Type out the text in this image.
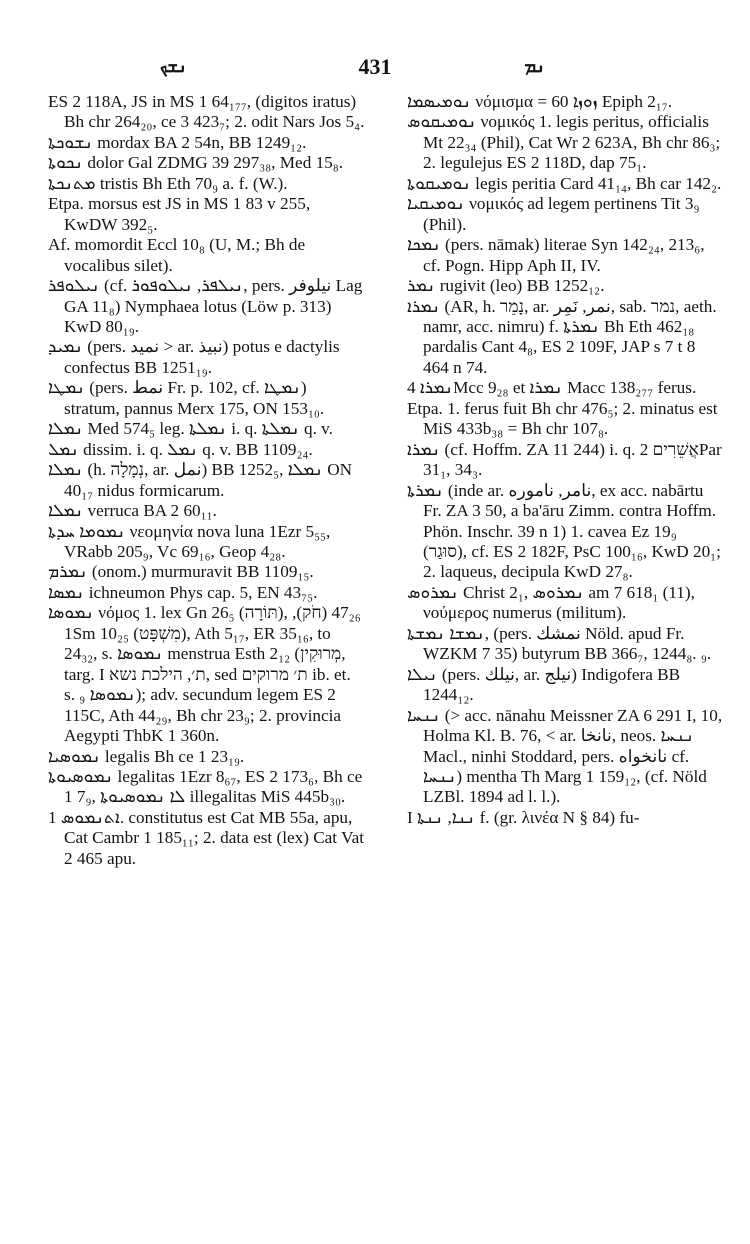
ܢܫܟ	431	ܢܡ

ES 2 118A, JS in MS 1 64₁₇₇, (digitos iratus) Bh chr 264₂₀, ce 3 423₇; 2. odit Nars Jos 5₄.

ܢܫܘܟܬܐ mordax BA 2 54n, BB 1249₁₂.

ܢܟܘܬܐ dolor Gal ZDMG 39 297₃₈, Med 15₈.

ܡܬܢܟܬܐ tristis Bh Eth 70₉ a. f. (W.).

Etpa. morsus est JS in MS 1 83 v 255, KwDW 392₅.

Af. momordit Eccl 10₈ (U, M.; Bh de vocalibus silet).

ܢܝܠܘܦܪ (cf. ܢܝܠܦܪ, ܢܝܠܘܦܘܪ, pers. نیلوفر Lag GA 11₈) Nymphaea lotus (Löw p. 313) KwD 80₁₉.

ܢܡܝܕ (pers. نمید > ar. نبيذ) potus e dactylis confectus BB 1251₁₉.

ܢܡܛܐ (pers. نمط Fr. p. 102, cf. ܢܡܛܐ) stratum, pannus Merx 175, ON 153₁₀.

ܢܡܠܐ Med 574₅ leg. ܢܡܠܬܐ i. q. ܢܡܠܬܐ q. v.

ܢܡܠ dissim. i. q. ܢܡܠ q. v. BB 1109₂₄.

ܢܡܠܐ (h. נְמָלָה, ar. نمل) BB 1252₅, ܢܡܠܐ ON 40₁₇ nidus formicarum.

ܢܡܠܐ verruca BA 2 60₁₁.

ܢܡܘܡܐ ܚܕܬܐ νεομηνία nova luna 1Ezr 5₅₅, VRabb 205₉, Vc 69₁₆, Geop 4₂₈.

ܢܡܪܡ (onom.) murmuravit BB 1109₁₅.

ܢܡܣܐ ichneumon Phys cap. 5, EN 43₇₅.

ܢܡܘܣܐ νόμος 1. lex Gn 26₅ (תּוֹרָה), 47₂₆ (חֹק), 1Sm 10₂₅ (מִשְׁפָּט), Ath 5₁₇, ER 35₁₆, to 24₃₂, s. ܢܡܘܣܐ menstrua Esth 2₁₂ (מְרוּקִין, targ. I ת׳, הילכת נשא, sed ת׳ מרוקים ib. et. s. ₉ ܢܡܘܣܐ); adv. secundum legem ES 2 115C, Ath 44₂₉, Bh chr 23₉; 2. provincia Aegypti ThbK 1 360n.

ܢܡܘܣܝܐ legalis Bh ce 1 23₁₉.

ܢܡܘܣܝܘܬܐ legalitas 1Ezr 8₆₇, ES 2 173₆, Bh ce 1 7₉, ܠܐ ܢܡܘܣܝܘܬܐ illegalitas MiS 445b₃₀.

ܐܬܢܡܘܣ 1. constitutus est Cat MB 55a, apu, Cat Cambr 1 185₁₁; 2. data est (lex) Cat Vat 2 465 apu.

ܢܘܡܝܣܡܐ νόμισμα = 60 ܙܘܙܐ Epiph 2₁₇.

ܢܘܡܝܩܘܣ νομικός 1. legis peritus, officialis Mt 22₃₄ (Phil), Cat Wr 2 623A, Bh chr 86₃; 2. legulejus ES 2 118D, dap 75₁.

ܢܘܡܝܩܘܬܐ legis peritia Card 41₁₄, Bh car 142₂.

ܢܘܡܝܩܝܐ νομικός ad legem pertinens Tit 3₉ (Phil).

ܢܡܟܐ (pers. nāmak) literae Syn 142₂₄, 213₆, cf. Pogn. Hipp Aph II, IV.

ܢܡܪ rugivit (leo) BB 1252₁₂.

ܢܡܪܐ (AR, h. נָמֵר, ar. نمر, نَمِر, sab. נמר, aeth. namr, acc. nimru) f. ܢܡܪܬܐ Bh Eth 462₁₈ pardalis Cant 4₈, ES 2 109F, JAP s 7 t 8 464 n 74.

ܢܡܪܐ 4Mcc 9₂₈ et ܢܡܪܐ Macc 138₂₇₇ ferus.

Etpa. 1. ferus fuit Bh chr 476₅; 2. minatus est MiS 433b₃₈ = Bh chr 107₈.

ܢܡܪܐ (cf. Hoffm. ZA 11 244) i. q. אֲשֵׁרִים 2Par 31₁, 34₃.

ܢܡܪܬܐ (inde ar. نامر, ناموره, ex acc. nabārtu Fr. ZA 3 50, a ba'āru Zimm. contra Hoffm. Phön. Inschr. 39 n 1) 1. cavea Ez 19₉ (סוּגַר), cf. ES 2 182F, PsC 100₁₆, KwD 20₁; 2. laqueus, decipula KwD 27₈.

ܢܡܪܘܣ Christ 2₁, ܢܡܪܘܣ am 7 618₁ (11), νούμερος numerus (militum).

ܢܡܫܐ ܢܡܫܬܐ, (pers. نمشك Nöld. apud Fr. WZKM 7 35) butyrum BB 366₇, 1244₈. ₉.

ܢܝܠܐ (pers. نيلك, ar. نيلج) Indigofera BB 1244₁₂.

ܢܢܚܐ (> acc. nānahu Meissner ZA 6 291 I, 10, Holma Kl. B. 76, < ar. نانخا, neos. ܢܢܚܐ Macl., ninhi Stoddard, pers. نانخواه cf. ܢܢܚܐ) mentha Th Marg 1 159₁₂, (cf. Nöld LZBl. 1894 ad l. l.).

I ܢܢܐ, ܢܢܬܐ f. (gr. λινέα N § 84) fu-
